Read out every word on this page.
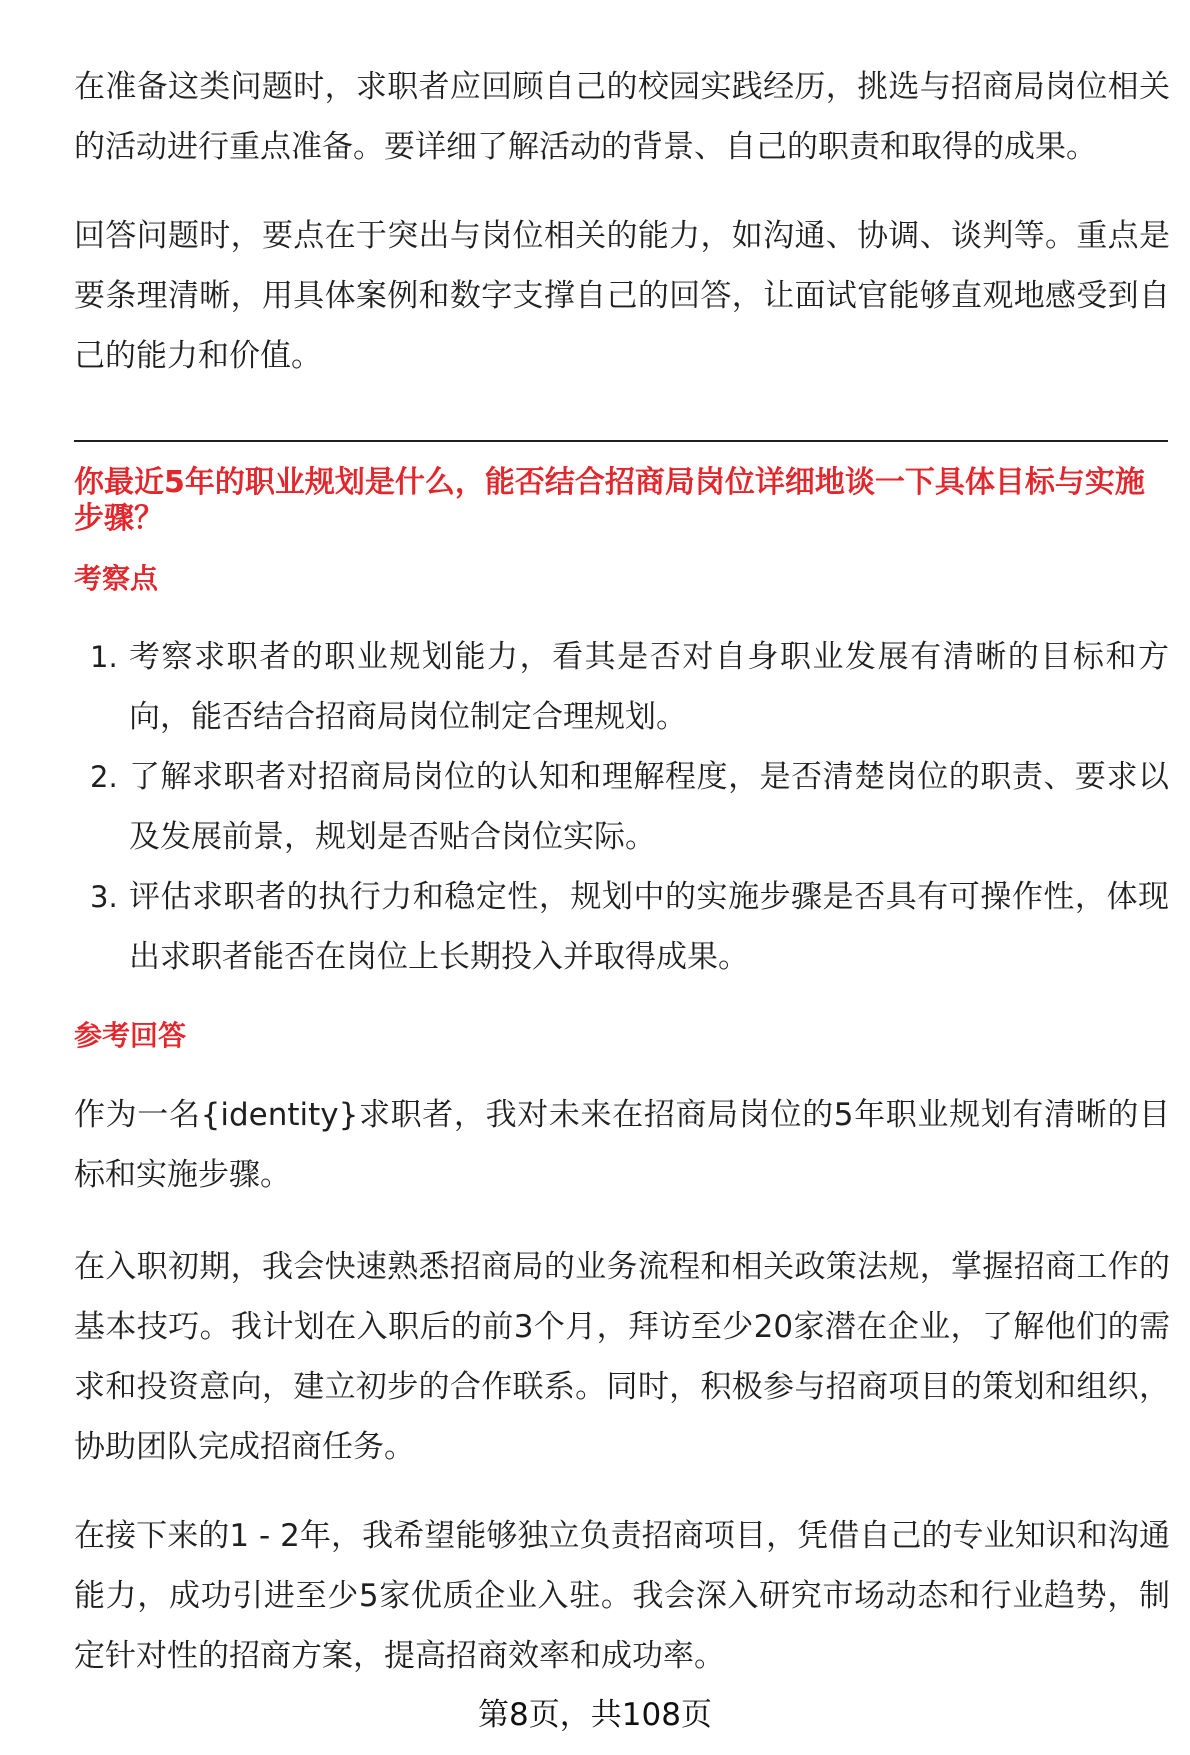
在准备这类问题时，求职者应回顾自己的校园实践经历，挑选与招商局岗位相关的活动进行重点准备。要详细了解活动的背景、自己的职责和取得的成果。

回答问题时，要点在于突出与岗位相关的能力，如沟通、协调、谈判等。重点是要条理清晰，用具体案例和数字支撑自己的回答，让面试官能够直观地感受到自己的能力和价值。

你最近5年的职业规划是什么，能否结合招商局岗位详细地谈一下具体目标与实施步骤？
考察点
1. 考察求职者的职业规划能力，看其是否对自身职业发展有清晰的目标和方向，能否结合招商局岗位制定合理规划。
2. 了解求职者对招商局岗位的认知和理解程度，是否清楚岗位的职责、要求以及发展前景，规划是否贴合岗位实际。
3. 评估求职者的执行力和稳定性，规划中的实施步骤是否具有可操作性，体现出求职者能否在岗位上长期投入并取得成果。
参考回答

作为一名{identity}求职者，我对未来在招商局岗位的5年职业规划有清晰的目标和实施步骤。

在入职初期，我会快速熟悉招商局的业务流程和相关政策法规，掌握招商工作的基本技巧。我计划在入职后的前3个月，拜访至少20家潜在企业，了解他们的需求和投资意向，建立初步的合作联系。同时，积极参与招商项目的策划和组织，协助团队完成招商任务。

在接下来的1 - 2年，我希望能够独立负责招商项目，凭借自己的专业知识和沟通能力，成功引进至少5家优质企业入驻。我会深入研究市场动态和行业趋势，制定针对性的招商方案，提高招商效率和成功率。

第8页，共108页
